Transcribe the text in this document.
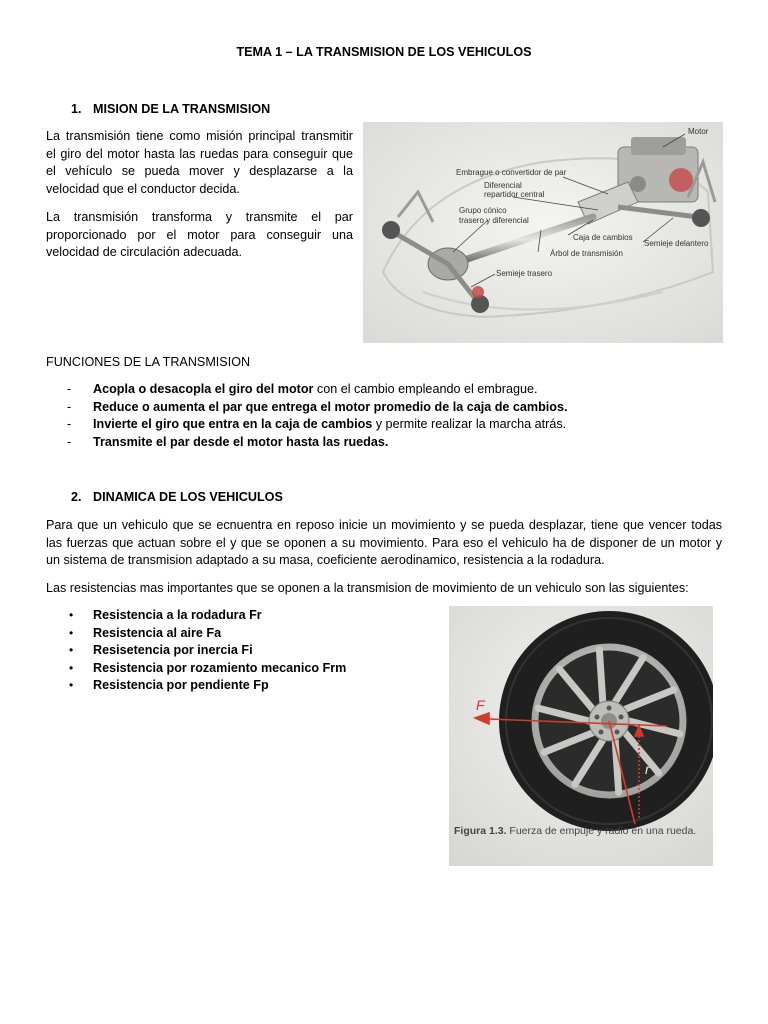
TEMA 1 – LA TRANSMISION DE LOS VEHICULOS
1. MISION DE LA TRANSMISION
La transmisión tiene como misión principal transmitir
el giro del motor hasta las ruedas para conseguir que
el vehículo se pueda mover y desplazarse a la
velocidad que el conductor decida.
La transmisión transforma y transmite el par
proporcionado por el motor para conseguir una
velocidad de circulación adecuada.
Motor
Embrague o convertidor de par
Diferencial
repartidor central
Grupo cónico
trasero y diferencial
Caja de cambios
Semieje delantero
Árbol de transmisión
Semieje trasero
FUNCIONES DE LA TRANSMISION
- Acopla o desacopla el giro del motor con el cambio empleando el embrague.
- Reduce o aumenta el par que entrega el motor promedio de la caja de cambios.
- Invierte el giro que entra en la caja de cambios y permite realizar la marcha atrás.
- Transmite el par desde el motor hasta las ruedas.
2. DINAMICA DE LOS VEHICULOS
Para que un vehiculo que se ecnuentra en reposo inicie un movimiento y se pueda desplazar, tiene que vencer todas
las fuerzas que actuan sobre el y que se oponen a su movimiento. Para eso el vehiculo ha de disponer de un motor y
un sistema de transmision adaptado a su masa, coeficiente aerodinamico, resistencia a la rodadura.
Las resistencias mas importantes que se oponen a la transmision de movimiento de un vehiculo son las siguientes:
• Resistencia a la rodadura Fr
• Resistencia al aire Fa
• Resisetencia por inercia Fi
• Resistencia por rozamiento mecanico Frm
• Resistencia por pendiente Fp
F
r
Figura 1.3. Fuerza de empuje y radio en una rueda.
